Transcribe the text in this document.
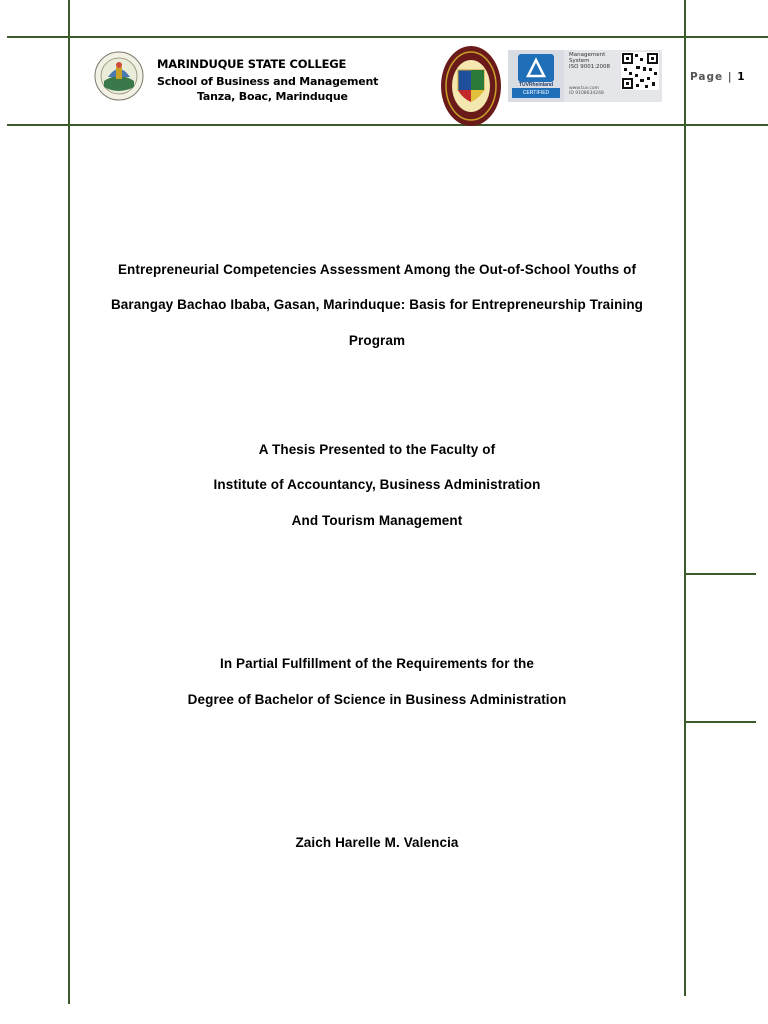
MARINDUQUE STATE COLLEGE
School of Business and Management
Tanza, Boac, Marinduque
TÜVRheinland
CERTIFIED
Management
System
ISO 9001:2008
www.tuv.com
ID 9108634248
Page | 1
Entrepreneurial Competencies Assessment Among the Out-of-School Youths of
Barangay Bachao Ibaba, Gasan, Marinduque: Basis for Entrepreneurship Training
Program
A Thesis Presented to the Faculty of
Institute of Accountancy, Business Administration
And Tourism Management
In Partial Fulfillment of the Requirements for the
Degree of Bachelor of Science in Business Administration
Zaich Harelle M. Valencia
